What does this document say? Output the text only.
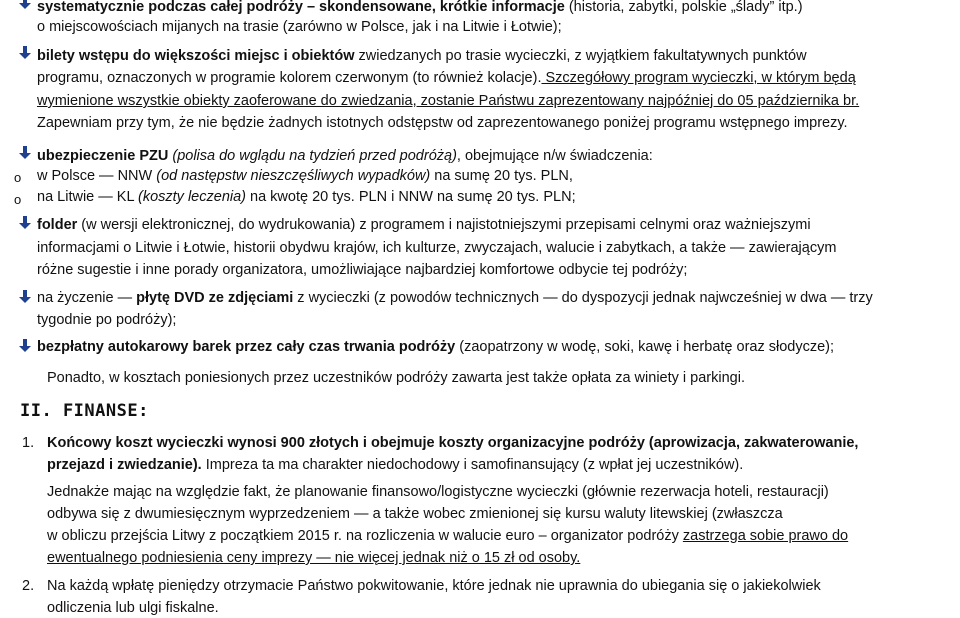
systematycznie podczas całej podróży – skondensowane, krótkie informacje (historia, zabytki, polskie „ślady” itp.)
o miejscowościach mijanych na trasie (zarówno w Polsce, jak i na Litwie i Łotwie);
bilety wstępu do większości miejsc i obiektów zwiedzanych po trasie wycieczki, z wyjątkiem fakultatywnych punktów
programu, oznaczonych w programie kolorem czerwonym (to również kolacje). Szczegółowy program wycieczki, w którym będą
wymienione wszystkie obiekty zaoferowane do zwiedzania, zostanie Państwu zaprezentowany najpóźniej do 05 października br.
Zapewniam przy tym, że nie będzie żadnych istotnych odstępstw od zaprezentowanego poniżej programu wstępnego imprezy.
ubezpieczenie PZU (polisa do wglądu na tydzień przed podróżą), obejmujące n/w świadczenia:
o w Polsce — NNW (od następstw nieszczęśliwych wypadków) na sumę 20 tys. PLN,
o na Litwie — KL (koszty leczenia) na kwotę 20 tys. PLN i NNW na sumę 20 tys. PLN;
folder (w wersji elektronicznej, do wydrukowania) z programem i najistotniejszymi przepisami celnymi oraz ważniejszymi
informacjami o Litwie i Łotwie, historii obydwu krajów, ich kulturze, zwyczajach, walucie i zabytkach, a także — zawierającym
różne sugestie i inne porady organizatora, umożliwiające najbardziej komfortowe odbycie tej podróży;
na życzenie — płytę DVD ze zdjęciami z wycieczki (z powodów technicznych — do dyspozycji jednak najwcześniej w dwa — trzy
tygodnie po podróży);
bezpłatny autokarowy barek przez cały czas trwania podróży (zaopatrzony w wodę, soki, kawę i herbatę oraz słodycze);
Ponadto, w kosztach poniesionych przez uczestników podróży zawarta jest także opłata za winiety i parkingi.
II. FINANSE:
1. Końcowy koszt wycieczki wynosi 900 złotych i obejmuje koszty organizacyjne podróży (aprowizacja, zakwaterowanie,
przejazd i zwiedzanie). Impreza ta ma charakter niedochodowy i samofinansujący (z wpłat jej uczestników).
Jednakże mając na względzie fakt, że planowanie finansowo/logistyczne wycieczki (głównie rezerwacja hoteli, restauracji)
odbywa się z dwumiesięcznym wyprzedzeniem — a także wobec zmienionej się kursu waluty litewskiej (zwłaszcza
w obliczu przejścia Litwy z początkiem 2015 r. na rozliczenia w walucie euro – organizator podróży zastrzega sobie prawo do
ewentualnego podniesienia ceny imprezy — nie więcej jednak niż o 15 zł od osoby.
2. Na każdą wpłatę pieniędzy otrzymacie Państwo pokwitowanie, które jednak nie uprawnia do ubiegania się o jakiekolwiek
odliczenia lub ulgi fiskalne.
